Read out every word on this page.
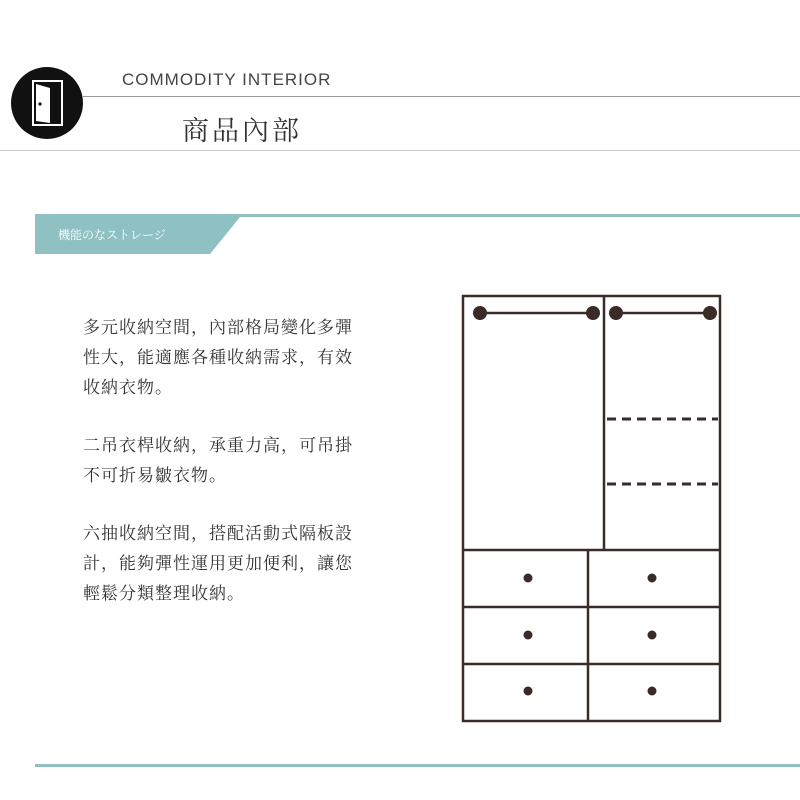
COMMODITY INTERIOR
商品內部
機能のなストレージ

多元收納空間，內部格局變化多彈
性大，能適應各種收納需求，有效
收納衣物。

二吊衣桿收納，承重力高，可吊掛
不可折易皺衣物。

六抽收納空間，搭配活動式隔板設
計，能夠彈性運用更加便利，讓您
輕鬆分類整理收納。
